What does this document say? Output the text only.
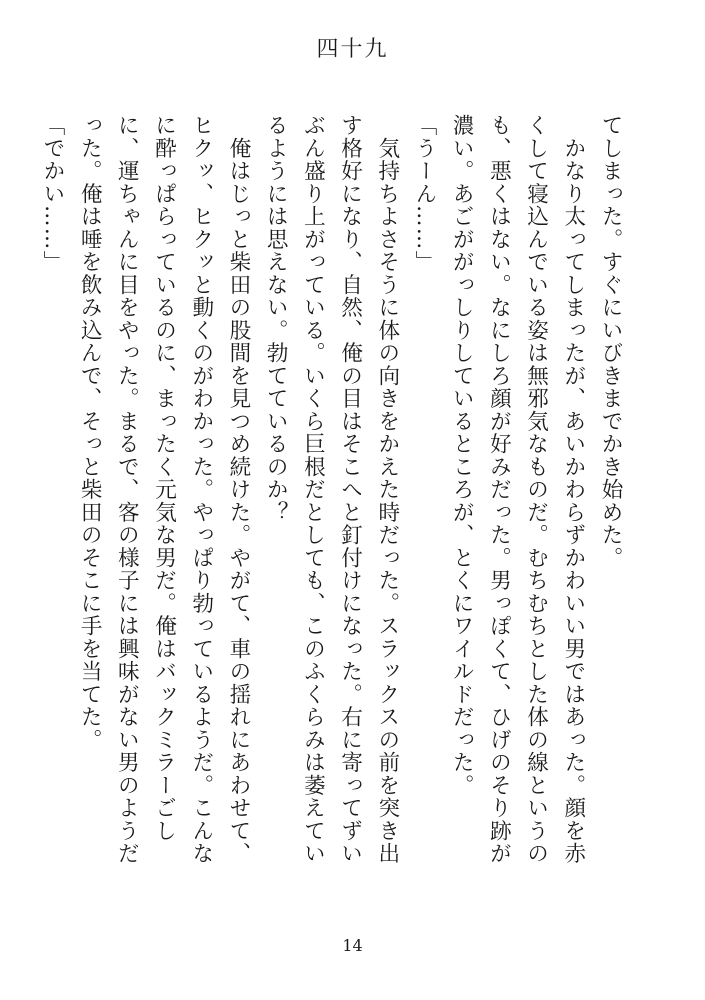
四十九

てしまった。すぐにいびきまでかき始めた。

　かなり太ってしまったが、あいかわらずかわいい男ではあった。顔を赤くして寝込んでいる姿は無邪気なものだ。むちむちとした体の線というのも、悪くはない。なにしろ顔が好みだった。男っぽくて、ひげのそり跡が濃い。あごががっしりしているところが、とくにワイルドだった。

「うーん……」

　気持ちよさそうに体の向きをかえた時だった。スラックスの前を突き出す格好になり、自然、俺の目はそこへと釘付けになった。右に寄ってずいぶん盛り上がっている。いくら巨根だとしても、このふくらみは萎えているようには思えない。勃てているのか？

　俺はじっと柴田の股間を見つめ続けた。やがて、車の揺れにあわせて、ヒクッ、ヒクッと動くのがわかった。やっぱり勃っているようだ。こんなに酔っぱらっているのに、まったく元気な男だ。俺はバックミラーごしに、運ちゃんに目をやった。まるで、客の様子には興味がない男のようだった。俺は唾を飲み込んで、そっと柴田のそこに手を当てた。

「でかい……」

14
